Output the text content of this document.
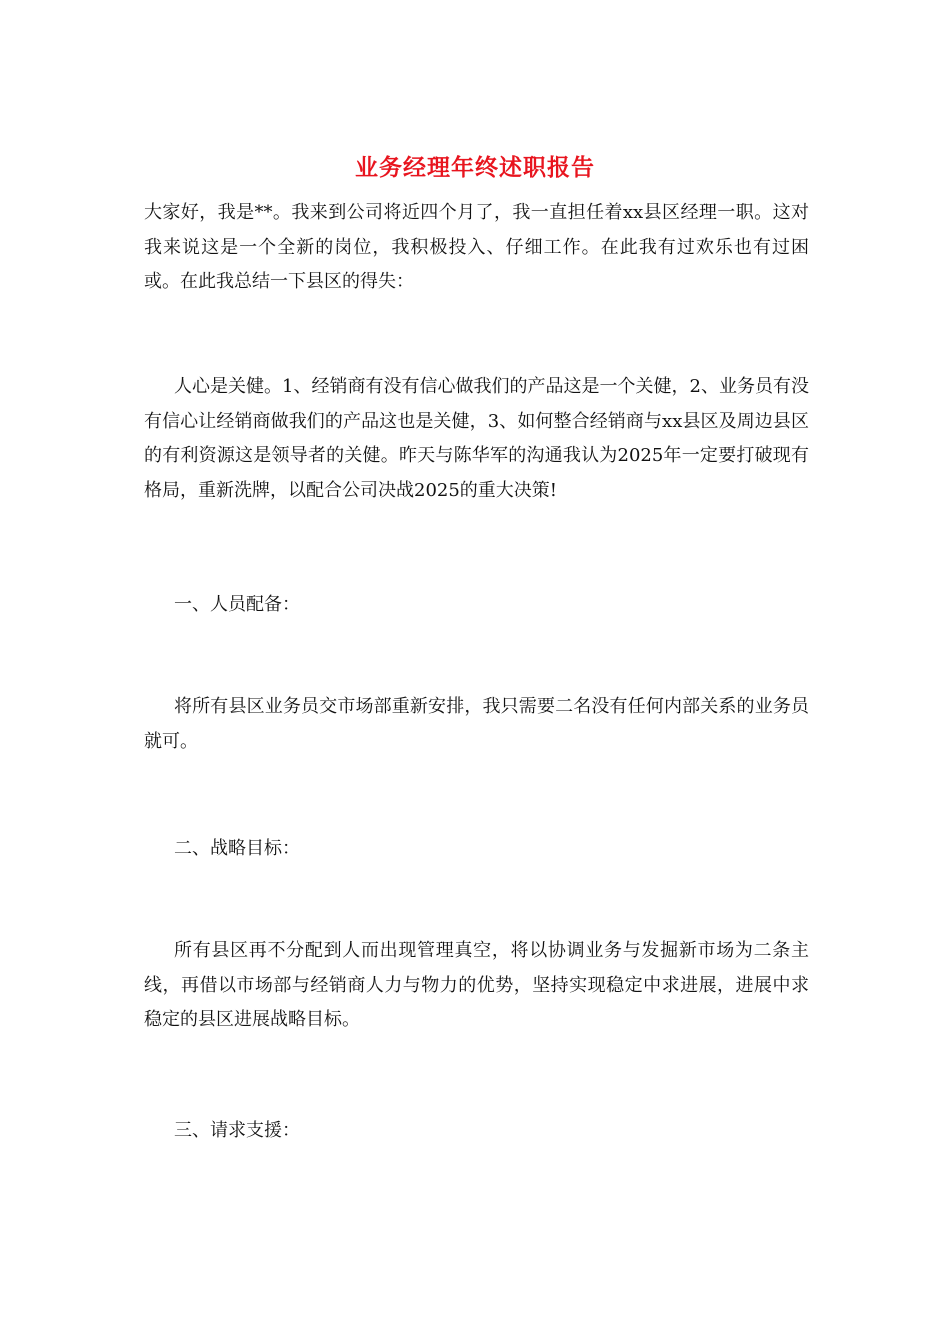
业务经理年终述职报告

大家好，我是**。我来到公司将近四个月了，我一直担任着xx县区经理一职。这对我来说这是一个全新的岗位，我积极投入、仔细工作。在此我有过欢乐也有过困或。在此我总结一下县区的得失：

人心是关健。1、经销商有没有信心做我们的产品这是一个关健，2、业务员有没有信心让经销商做我们的产品这也是关健，3、如何整合经销商与xx县区及周边县区的有利资源这是领导者的关健。昨天与陈华军的沟通我认为2025年一定要打破现有格局，重新洗牌，以配合公司决战2025的重大决策!

一、人员配备：

将所有县区业务员交市场部重新安排，我只需要二名没有任何内部关系的业务员就可。

二、战略目标：

所有县区再不分配到人而出现管理真空，将以协调业务与发掘新市场为二条主线，再借以市场部与经销商人力与物力的优势，坚持实现稳定中求进展，进展中求稳定的县区进展战略目标。

三、请求支援：
